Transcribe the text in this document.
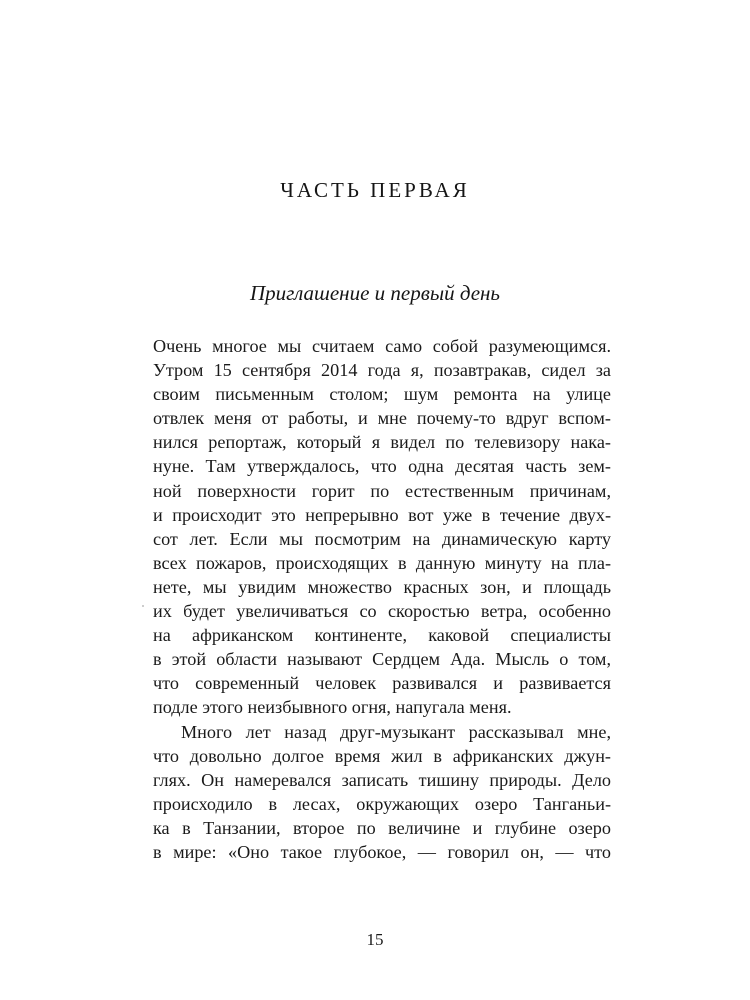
ЧАСТЬ ПЕРВАЯ
Приглашение и первый день
Очень многое мы считаем само собой разумеющимся.
Утром 15 сентября 2014 года я, позавтракав, сидел за
своим письменным столом; шум ремонта на улице
отвлек меня от работы, и мне почему-то вдруг вспом-
нился репортаж, который я видел по телевизору нака-
нуне. Там утверждалось, что одна десятая часть зем-
ной поверхности горит по естественным причинам,
и происходит это непрерывно вот уже в течение двух-
сот лет. Если мы посмотрим на динамическую карту
всех пожаров, происходящих в данную минуту на пла-
нете, мы увидим множество красных зон, и площадь
их будет увеличиваться со скоростью ветра, особенно
на африканском континенте, каковой специалисты
в этой области называют Сердцем Ада. Мысль о том,
что современный человек развивался и развивается
подле этого неизбывного огня, напугала меня.
Много лет назад друг-музыкант рассказывал мне,
что довольно долгое время жил в африканских джун-
глях. Он намеревался записать тишину природы. Дело
происходило в лесах, окружающих озеро Танганьи-
ка в Танзании, второе по величине и глубине озеро
в мире: «Оно такое глубокое, — говорил он, — что
15
